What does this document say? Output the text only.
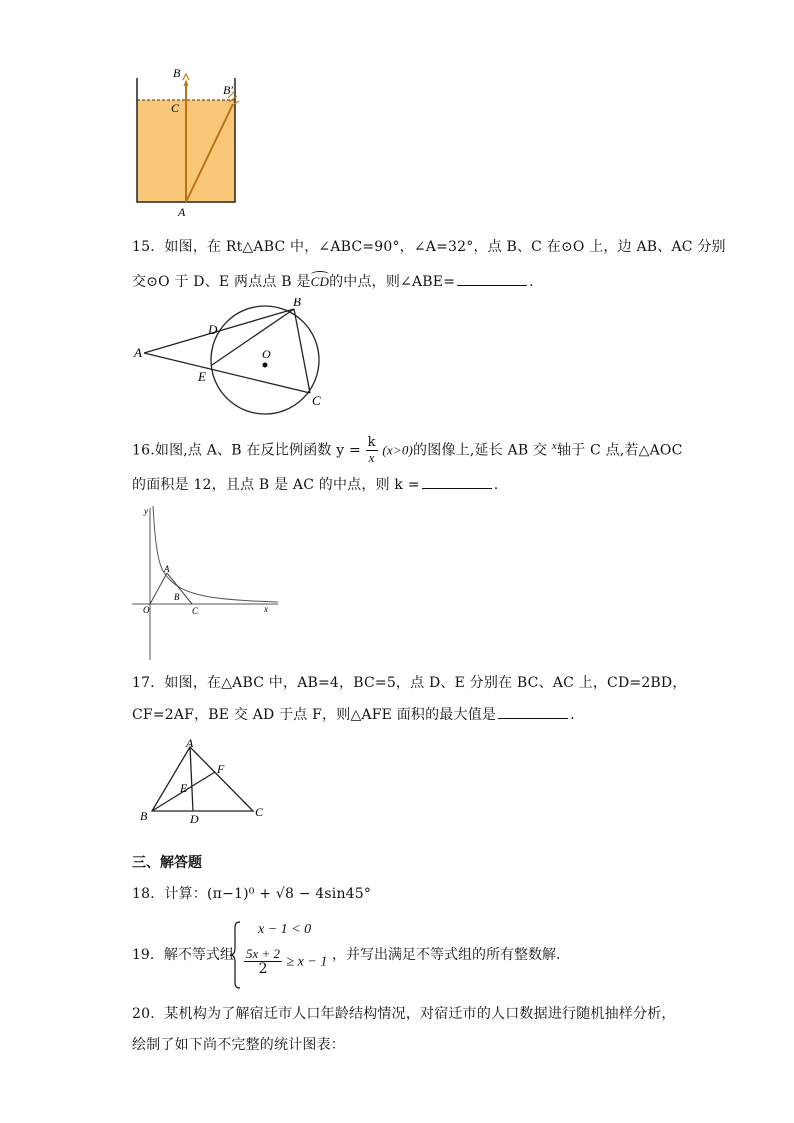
B
C
B′
A
15．如图，在 Rt△ABC 中，∠ABC=90°，∠A=32°，点 B、C 在⊙O 上，边 AB、AC 分别
交⊙O 于 D、E 两点点 B 是
CD的中点，则∠ABE=	.
A
B
C
D
E
O
16.如图,点 A、B 在反比例函数 $y = \frac{k}{x} (x>0)$的图像上,延长 AB 交 $^x$轴于 C 点,若△AOC
的面积是 12，且点 B 是 AC 的中点，则 k =	.
y
x
O
A
B
C
17．如图，在△ABC 中，AB=4，BC=5，点 D、E 分别在 BC、AC 上，CD=2BD，
CF=2AF，BE 交 AD 于点 F，则△AFE 面积的最大值是	.
A
B	C
D
E
F
三、解答题
18．计算：(π−1)⁰ + √8 − 4sin45°
19．解不等式组
x − 1 < 0
$\frac{5x + 2}{2} \ge x - 1$ ，并写出满足不等式组的所有整数解．
20．某机构为了解宿迁市人口年龄结构情况，对宿迁市的人口数据进行随机抽样分析，
绘制了如下尚不完整的统计图表：
